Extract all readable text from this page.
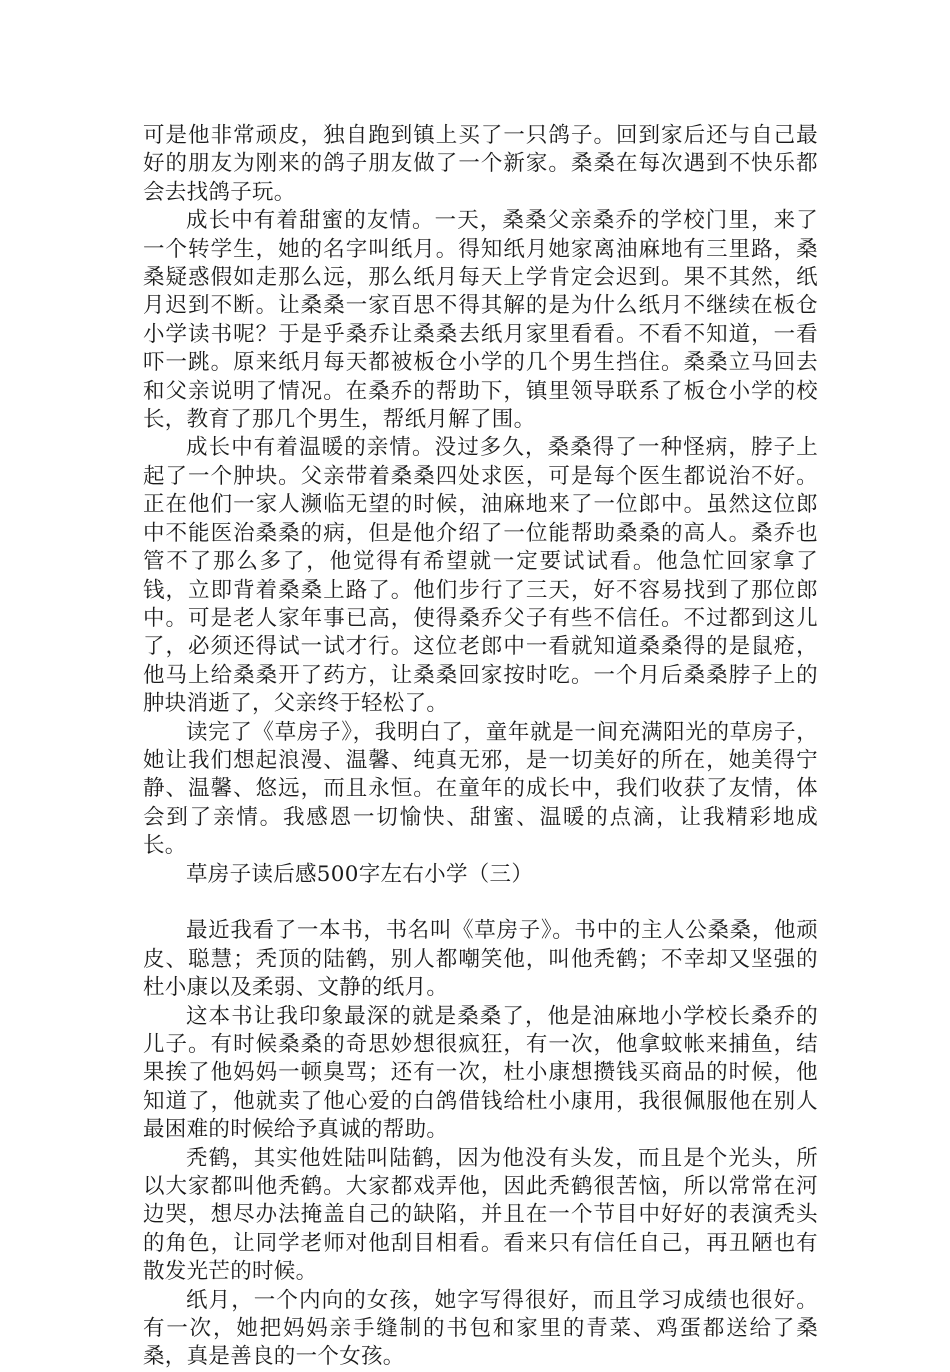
可是他非常顽皮，独自跑到镇上买了一只鸽子。回到家后还与自己最好的朋友为刚来的鸽子朋友做了一个新家。桑桑在每次遇到不快乐都会去找鸽子玩。

成长中有着甜蜜的友情。一天，桑桑父亲桑乔的学校门里，来了一个转学生，她的名字叫纸月。得知纸月她家离油麻地有三里路，桑桑疑惑假如走那么远，那么纸月每天上学肯定会迟到。果不其然，纸月迟到不断。让桑桑一家百思不得其解的是为什么纸月不继续在板仓小学读书呢？于是乎桑乔让桑桑去纸月家里看看。不看不知道，一看吓一跳。原来纸月每天都被板仓小学的几个男生挡住。桑桑立马回去和父亲说明了情况。在桑乔的帮助下，镇里领导联系了板仓小学的校长，教育了那几个男生，帮纸月解了围。

成长中有着温暖的亲情。没过多久，桑桑得了一种怪病，脖子上起了一个肿块。父亲带着桑桑四处求医，可是每个医生都说治不好。正在他们一家人濒临无望的时候，油麻地来了一位郎中。虽然这位郎中不能医治桑桑的病，但是他介绍了一位能帮助桑桑的高人。桑乔也管不了那么多了，他觉得有希望就一定要试试看。他急忙回家拿了钱，立即背着桑桑上路了。他们步行了三天，好不容易找到了那位郎中。可是老人家年事已高，使得桑乔父子有些不信任。不过都到这儿了，必须还得试一试才行。这位老郎中一看就知道桑桑得的是鼠疮，他马上给桑桑开了药方，让桑桑回家按时吃。一个月后桑桑脖子上的肿块消逝了，父亲终于轻松了。

读完了《草房子》，我明白了，童年就是一间充满阳光的草房子，她让我们想起浪漫、温馨、纯真无邪，是一切美好的所在，她美得宁静、温馨、悠远，而且永恒。在童年的成长中，我们收获了友情，体会到了亲情。我感恩一切愉快、甜蜜、温暖的点滴，让我精彩地成长。

草房子读后感500字左右小学（三）

最近我看了一本书，书名叫《草房子》。书中的主人公桑桑，他顽皮、聪慧；秃顶的陆鹤，别人都嘲笑他，叫他秃鹤；不幸却又坚强的杜小康以及柔弱、文静的纸月。

这本书让我印象最深的就是桑桑了，他是油麻地小学校长桑乔的儿子。有时候桑桑的奇思妙想很疯狂，有一次，他拿蚊帐来捕鱼，结果挨了他妈妈一顿臭骂；还有一次，杜小康想攒钱买商品的时候，他知道了，他就卖了他心爱的白鸽借钱给杜小康用，我很佩服他在别人最困难的时候给予真诚的帮助。

秃鹤，其实他姓陆叫陆鹤，因为他没有头发，而且是个光头，所以大家都叫他秃鹤。大家都戏弄他，因此秃鹤很苦恼，所以常常在河边哭，想尽办法掩盖自己的缺陷，并且在一个节目中好好的表演秃头的角色，让同学老师对他刮目相看。看来只有信任自己，再丑陋也有散发光芒的时候。

纸月，一个内向的女孩，她字写得很好，而且学习成绩也很好。有一次，她把妈妈亲手缝制的书包和家里的青菜、鸡蛋都送给了桑桑，真是善良的一个女孩。
